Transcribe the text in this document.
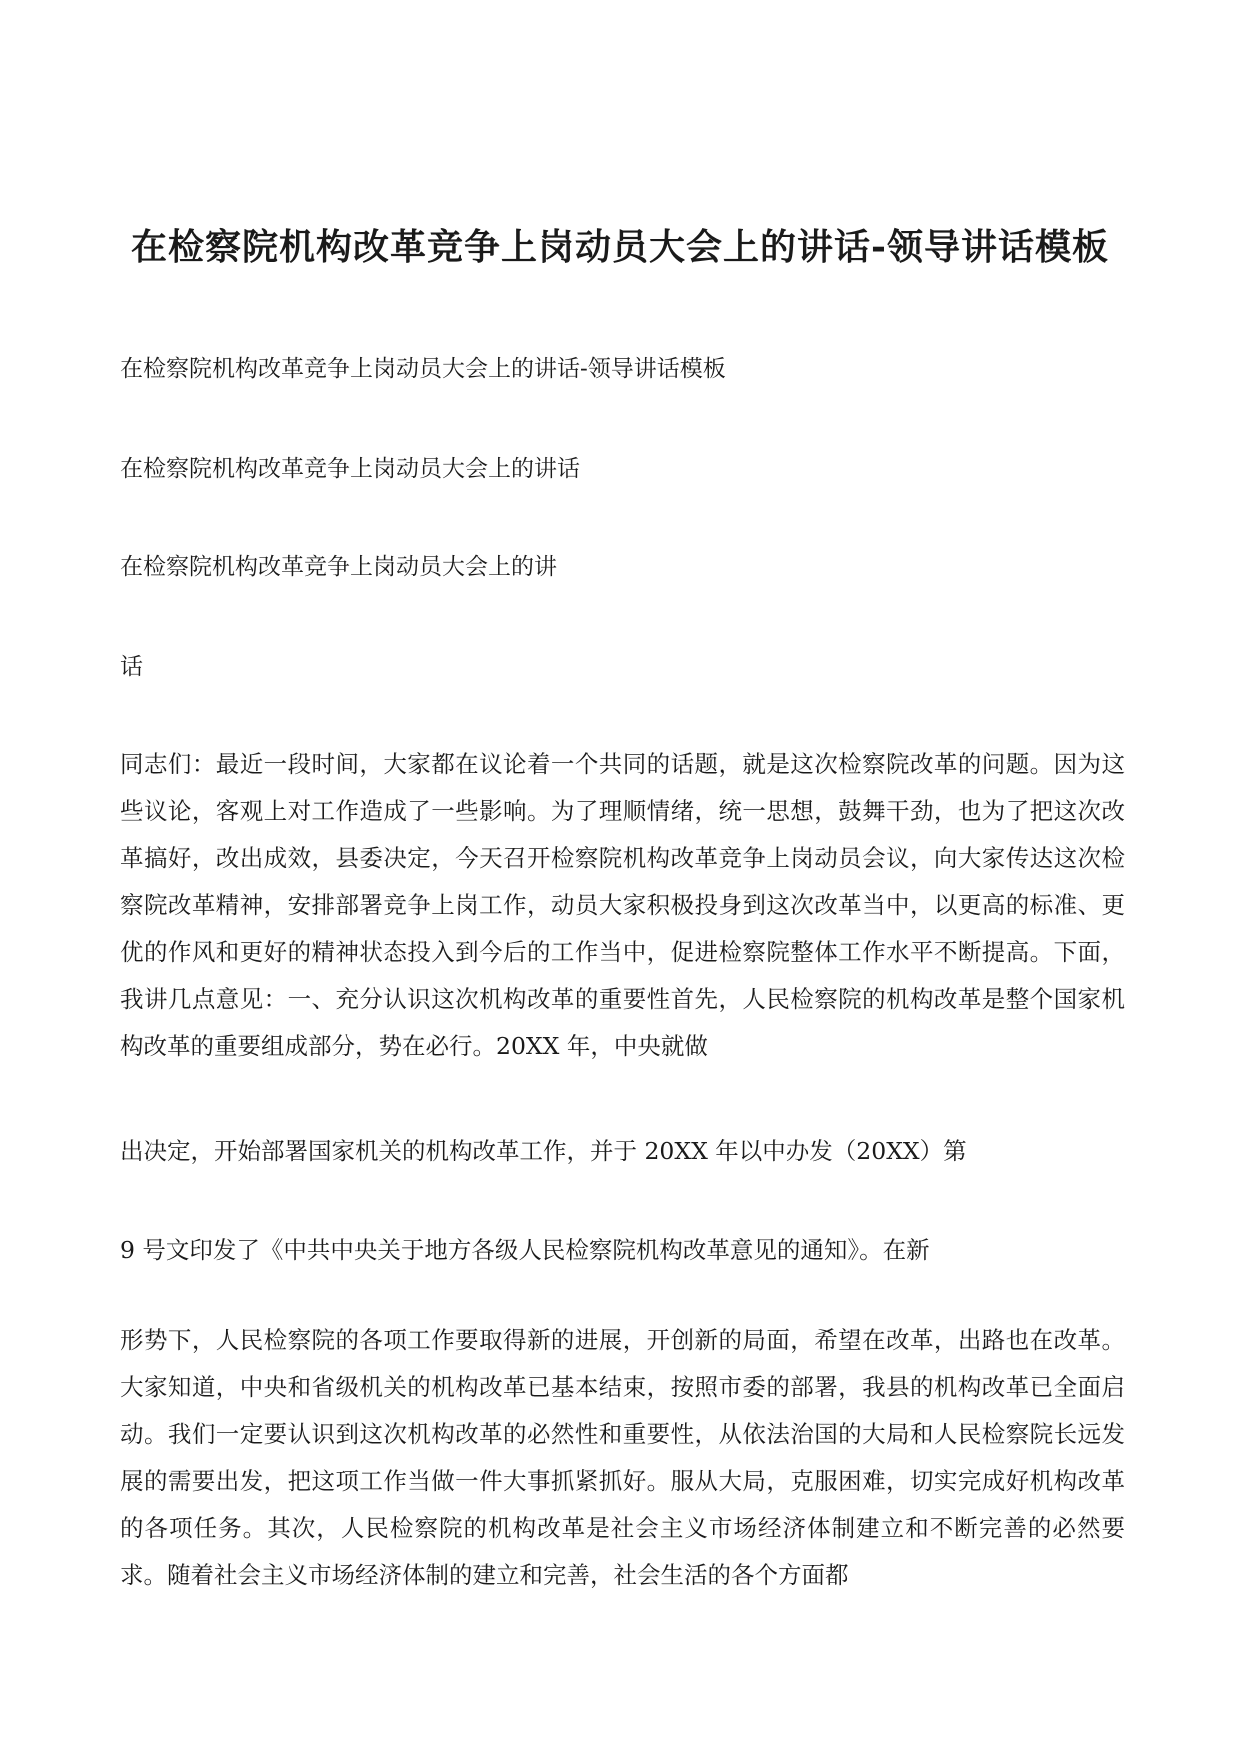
在检察院机构改革竞争上岗动员大会上的讲话-领导讲话模板

在检察院机构改革竞争上岗动员大会上的讲话-领导讲话模板

在检察院机构改革竞争上岗动员大会上的讲话

在检察院机构改革竞争上岗动员大会上的讲

话

同志们：最近一段时间，大家都在议论着一个共同的话题，就是这次检察院改革的问题。因为这些议论，客观上对工作造成了一些影响。为了理顺情绪，统一思想，鼓舞干劲，也为了把这次改革搞好，改出成效，县委决定，今天召开检察院机构改革竞争上岗动员会议，向大家传达这次检察院改革精神，安排部署竞争上岗工作，动员大家积极投身到这次改革当中，以更高的标准、更优的作风和更好的精神状态投入到今后的工作当中，促进检察院整体工作水平不断提高。下面，我讲几点意见：一、充分认识这次机构改革的重要性首先，人民检察院的机构改革是整个国家机构改革的重要组成部分，势在必行。20XX 年，中央就做

出决定，开始部署国家机关的机构改革工作，并于 20XX 年以中办发（20XX）第

9 号文印发了《中共中央关于地方各级人民检察院机构改革意见的通知》。在新

形势下，人民检察院的各项工作要取得新的进展，开创新的局面，希望在改革，出路也在改革。大家知道，中央和省级机关的机构改革已基本结束，按照市委的部署，我县的机构改革已全面启动。我们一定要认识到这次机构改革的必然性和重要性，从依法治国的大局和人民检察院长远发展的需要出发，把这项工作当做一件大事抓紧抓好。服从大局，克服困难，切实完成好机构改革的各项任务。其次，人民检察院的机构改革是社会主义市场经济体制建立和不断完善的必然要求。随着社会主义市场经济体制的建立和完善，社会生活的各个方面都
